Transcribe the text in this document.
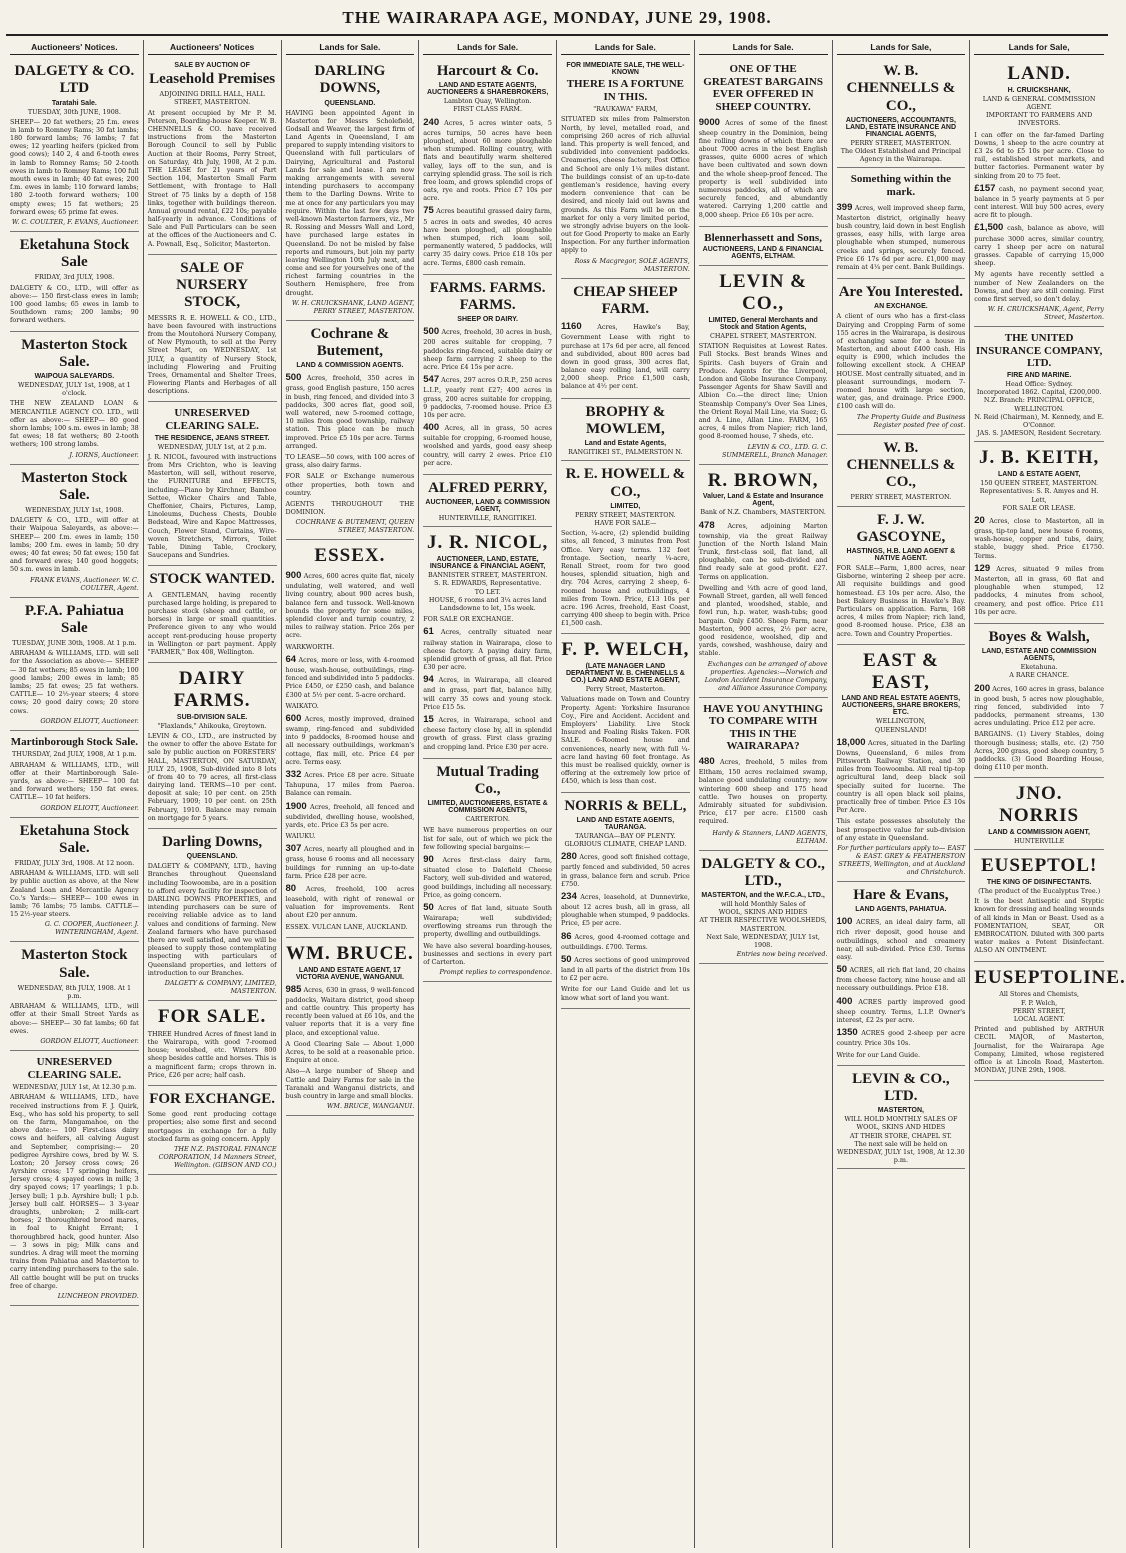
THE WAIRARAPA AGE, MONDAY, JUNE 29, 1908.
Auctioneers' Notices.
DALGETY & CO. LTD
Taratahi Sale.

TUESDAY, 30th JUNE, 1908.

SHEEP— 20 fat wethers; 25 f.m. ewes in lamb to Romney Rams; 30 fat lambs; 180 forward lambs; 76 lambs; 7 fat ewes; 12 yearling heifers (picked from good cows); 140 2, 4 and 6-tooth ewes in lamb to Romney Rams; 50 2-tooth ewes in lamb to Romney Rams; 100 full mouth ewes in lamb; 40 fat ewes; 200 f.m. ewes in lamb; 110 forward lambs; 180 2-tooth forward wethers; 100 empty ewes; 15 fat wethers; 25 forward ewes; 65 prime fat ewes.

W. C. COULTER, F. EVANS, Auctioneer.

Eketahuna Stock Sale

FRIDAY, 3rd JULY, 1908.

DALGETY & CO., LTD., will offer as above:— 150 first-class ewes in lamb; 100 good lambs; 65 ewes in lamb to Southdown rams; 200 lambs; 90 forward wethers.

Masterton Stock Sale.
WAIPOUA SALEYARDS.

WEDNESDAY, JULY 1st, 1908, at 1 o'clock.

THE NEW ZEALAND LOAN & MERCANTILE AGENCY CO. LTD., will offer as above:— SHEEP— 80 good shorn lambs; 100 s.m. ewes in lamb; 38 fat ewes; 18 fat wethers; 80 2-tooth wethers; 100 strong lambs.

J. IORNS, Auctioneer.

Masterton Stock Sale.

WEDNESDAY, JULY 1st, 1908.

DALGETY & CO., LTD., will offer at their Waipoua Saleyards, as above:— SHEEP— 200 f.m. ewes in lamb; 150 lambs; 200 f.m. ewes in lamb; 50 dry ewes; 40 fat ewes; 50 fat ewes; 150 fat and forward ewes; 140 good hoggets; 50 s.m. ewes in lamb.

FRANK EVANS, Auctioneer. W. C. COULTER, Agent.

P.F.A. Pahiatua Sale

TUESDAY, JUNE 30th, 1908. At 1 p.m.

ABRAHAM & WILLIAMS, LTD. will sell for the Association as above:— SHEEP— 30 fat wethers; 85 ewes in lamb; 100 good lambs; 200 ewes in lamb; 85 lambs; 25 fat ewes; 25 fat wethers. CATTLE— 10 2½-year steers; 4 store cows; 20 good dairy cows; 20 store cows.

GORDON ELIOTT, Auctioneer.

Martinborough Stock Sale.

THURSDAY, 2nd JULY, 1908, At 1 p.m.

ABRAHAM & WILLIAMS, LTD., will offer at their Martinborough Sale-yards, as above:— SHEEP— 100 fat and forward wethers; 150 fat ewes. CATTLE— 10 fat heifers.

GORDON ELIOTT, Auctioneer.

Eketahuna Stock Sale.

FRIDAY, JULY 3rd, 1908. At 12 noon.

ABRAHAM & WILLIAMS, LTD. will sell by public auction as above, at the New Zealand Loan and Mercantile Agency Co.'s Yards:— SHEEP— 100 ewes in lamb; 76 lambs; 75 lambs. CATTLE— 15 2½-year steers.

G. C. COOPER, Auctioneer. J. WINTERINGHAM, Agent.

Masterton Stock Sale.

WEDNESDAY, 8th JULY, 1908. At 1 p.m.

ABRAHAM & WILLIAMS, LTD., will offer at their Small Street Yards as above:— SHEEP— 30 fat lambs; 60 fat ewes.

GORDON ELIOTT, Auctioneer.

UNRESERVED CLEARING SALE.

WEDNESDAY, JULY 1st, At 12.30 p.m.

ABRAHAM & WILLIAMS, LTD., have received instructions from F. J. Quirk, Esq., who has sold his property, to sell on the farm, Mangamahoe, on the above date:— 100 First-class dairy cows and heifers, all calving August and September, comprising:— 20 pedigree Ayrshire cows, bred by W. S. Loxton; 20 Jersey cross cows; 26 Ayrshire cross; 17 springing heifers, Jersey cross; 4 spayed cows in milk; 3 dry spayed cows; 17 yearlings; 1 p.b. Jersey bull; 1 p.b. Ayrshire bull; 1 p.b. Jersey bull calf. HORSES— 3 3-year draughts, unbroken; 2 milk-cart horses; 2 thoroughbred brood mares, in foal to Knight Errant; 1 thoroughbred hack, good hunter. Also— 3 sows in pig; Milk cans and sundries. A drag will meet the morning trains from Pahiatua and Masterton to carry intending purchasers to the sale. All cattle bought will be put on trucks free of charge.

LUNCHEON PROVIDED.

Auctioneers' Notices
SALE BY AUCTION OF
Leasehold Premises

ADJOINING DRILL HALL, HALL STREET, MASTERTON.

At present occupied by Mr P. M. Peterson, Boarding-house Keeper. W. B. CHENNELLS & CO. have received instructions from the Masterton Borough Council to sell by Public Auction at their Rooms, Perry Street, on Saturday, 4th July, 1908, At 2 p.m. THE LEASE for 21 years of Part Section 104, Masterton Small Farm Settlement, with frontage to Hall Street of 75 links by a depth of 158 links, together with buildings thereon. Annual ground rental, £22 10s; payable half-yearly in advance. Conditions of Sale and Full Particulars can be seen at the offices of the Auctioneers and C. A. Pownall, Esq., Solicitor, Masterton.

SALE OF NURSERY STOCK,

MESSRS R. E. HOWELL & CO., LTD., have been favoured with instructions from the Moutohorá Nursery Company, of New Plymouth, to sell at the Perry Street Mart, on WEDNESDAY, 1st JULY, a quantity of Nursery Stock, including Flowering and Fruiting Trees, Ornamental and Shelter Trees, Flowering Plants and Herbages of all descriptions.

UNRESERVED CLEARING SALE.
THE RESIDENCE, JEANS STREET.

WEDNESDAY, JULY 1st, at 2 p.m.

J. R. NICOL, favoured with instructions from Mrs Crichton, who is leaving Masterton, will sell, without reserve, the FURNITURE and EFFECTS, including—Piano by Kirchner, Bamboo Settee, Wicker Chairs and Table, Cheffonier, Chairs, Pictures, Lamp, Linoleums, Duchess Chests, Double Bedstead, Wire and Kapoc Mattresses, Couch, Flower Stand, Curtains, Wire-woven Stretchers, Mirrors, Toilet Table, Dining Table, Crockery, Saucepans and Sundries.

STOCK WANTED.

A GENTLEMAN, having recently purchased large holding, is prepared to purchase stock (sheep and cattle, or horses) in large or small quantities. Preference given to any who would accept rent-producing house property in Wellington or part payment. Apply "FARMER," Box 408, Wellington.

DAIRY FARMS.
SUB-DIVISION SALE.

"Flaxlands," Ahikouka, Greytown.

LEVIN & CO., LTD., are instructed by the owner to offer the above Estate for sale by public auction on FORESTERS' HALL, MASTERTON, ON SATURDAY, JULY 25, 1908, Sub-divided into 8 lots of from 40 to 79 acres, all first-class dairying land. TERMS—10 per cent. deposit at sale; 10 per cent. on 25th February, 1909; 10 per cent. on 25th February, 1910. Balance may remain on mortgage for 5 years.

Darling Downs,
QUEENSLAND.

DALGETY & COMPANY, LTD., having Branches throughout Queensland including Toowoomba, are in a position to afford every facility for inspection of DARLING DOWNS PROPERTIES, and intending purchasers can be sure of receiving reliable advice as to land values and conditions of farming. New Zealand farmers who have purchased there are well satisfied, and we will be pleased to supply those contemplating inspecting with particulars of Queensland properties, and letters of introduction to our Branches.

DALGETY & COMPANY, LIMITED, MASTERTON.

FOR SALE.

THREE Hundred Acres of finest land in the Wairarapa, with good 7-roomed house; woolshed, etc. Winters 800 sheep besides cattle and horses. This is a magnificent farm; crops thrown in. Price, £26 per acre; half cash.

FOR EXCHANGE.

Some good rent producing cottage properties; also some first and second mortgages in exchange for a fully stocked farm as going concern. Apply

THE N.Z. PASTORAL FINANCE CORPORATION, 14 Manners Street, Wellington. (GIBSON AND CO.)

Lands for Sale.
DARLING DOWNS,
QUEENSLAND.

HAVING been appointed Agent in Masterton for Messrs Scholefield, Godsall and Weaver, the largest firm of Land Agents in Queensland, I am prepared to supply intending visitors to Queensland with full particulars of Dairying, Agricultural and Pastoral Lands for sale and lease. I am now making arrangements with several intending purchasers to accompany them to the Darling Downs. Write to me at once for any particulars you may require. Within the last few days two well-known Masterton farmers, viz., Mr R. Rossing and Messrs Wall and Lord, have purchased large estates in Queensland. Do not be misled by false reports and rumours, but join my party leaving Wellington 10th July next, and come and see for yourselves one of the richest farming countries in the Southern Hemisphere, free from drought.

W. H. CRUICKSHANK, LAND AGENT, PERRY STREET, MASTERTON.

Cochrane & Butement,
LAND & COMMISSION AGENTS.

500 Acres, freehold, 350 acres in grass, good English pasture, 150 acres in bush, ring fenced, and divided into 3 paddocks, 300 acres flat, good soil, well watered, new 5-roomed cottage, 10 miles from good township, railway station. This place can be much improved. Price £5 10s per acre. Terms arranged.

TO LEASE—50 cows, with 100 acres of grass, also dairy farms.

FOR SALE or Exchange numerous other properties, both town and country.

AGENTS THROUGHOUT THE DOMINION.

COCHRANE & BUTEMENT, QUEEN STREET, MASTERTON.

ESSEX.

900 Acres, 600 acres quite flat, nicely undulating, well watered, and well living country, about 900 acres bush, balance fern and tussock. Well-known bounds the property for some miles, splendid clover and turnip country, 2 miles to railway station. Price 26s per acre.

WARKWORTH.

64 Acres, more or less, with 4-roomed house, wash-house, outbuildings, ring-fenced and subdivided into 5 paddocks. Price £450, or £250 cash, and balance £300 at 5½ per cent. 5-acre orchard.

WAIKATO.

600 Acres, mostly improved, drained swamp, ring-fenced and subdivided into 9 paddocks, 8-roomed house and all necessary outbuildings, workman's cottage, flax mill, etc. Price £4 per acre. Terms easy.

332 Acres. Price £8 per acre. Situate Tahupuna, 17 miles from Paeroa. Balance can remain.

1900 Acres, freehold, all fenced and subdivided, dwelling house, woolshed, yards, etc. Price £3 5s per acre.

WAIUKU.

307 Acres, nearly all ploughed and in grass, house 6 rooms and all necessary buildings for running an up-to-date farm. Price £28 per acre.

80 Acres, freehold, 100 acres leasehold, with right of renewal or valuation for improvements. Rent about £20 per annum.

ESSEX. VULCAN LANE, AUCKLAND.

WM. BRUCE.
LAND AND ESTATE AGENT, 17 VICTORIA AVENUE, WANGANUI.

985 Acres, 630 in grass, 9 well-fenced paddocks, Waitara district, good sheep and cattle country. This property has recently been valued at £6 10s, and the valuer reports that it is a very fine place, and exceptional value.

A Good Clearing Sale — About 1,000 Acres, to be sold at a reasonable price. Enquire at once.

Also—A large number of Sheep and Cattle and Dairy Farms for sale in the Taranaki and Wanganui districts, and bush country in large and small blocks.

WM. BRUCE, WANGANUI.

Lands for Sale.
Harcourt & Co.
LAND AND ESTATE AGENTS, AUCTIONEERS & SHAREBROKERS,

Lambton Quay, Wellington.

FIRST CLASS FARM.

240 Acres, 5 acres winter oats, 5 acres turnips, 50 acres have been ploughed, about 60 more ploughable when stumped. Rolling country, with flats and beautifully warm sheltered valley, lays off to the sun, and is carrying splendid grass. The soil is rich free loam, and grows splendid crops of oats, rye and roots. Price £7 10s per acre.

75 Acres beautiful grassed dairy farm, 5 acres in oats and swedes, 40 acres have been ploughed, all ploughable when stumped, rich loam soil, permanently watered, 5 paddocks, will carry 35 dairy cows. Price £18 10s per acre. Terms, £800 cash remain.

FARMS. FARMS. FARMS.
SHEEP OR DAIRY.

500 Acres, freehold, 30 acres in bush, 200 acres suitable for cropping, 7 paddocks ring-fenced, suitable dairy or sheep farm carrying 2 sheep to the acre. Price £4 15s per acre.

547 Acres, 297 acres O.R.P., 250 acres L.I.P., yearly rent £27; 400 acres in grass, 200 acres suitable for cropping, 9 paddocks, 7-roomed house. Price £3 10s per acre.

400 Acres, all in grass, 50 acres suitable for cropping, 6-roomed house, woolshed and yards, good easy sheep country, will carry 2 ewes. Price £10 per acre.

ALFRED PERRY,
AUCTIONEER, LAND & COMMISSION AGENT,

HUNTERVILLE, RANGITIKEI.

J. R. NICOL,
AUCTIONEER, LAND, ESTATE, INSURANCE & FINANCIAL AGENT,

BANNISTER STREET, MASTERTON.

S. R. EDWARDS, Representative.

TO LET.

HOUSE, 6 rooms and 3¼ acres land Landsdowne to let, 15s week.

FOR SALE OR EXCHANGE.

61 Acres, centrally situated near railway station in Wairarapa, close to cheese factory. A paying dairy farm, splendid growth of grass, all flat. Price £30 per acre.

94 Acres, in Wairarapa, all cleared and in grass, part flat, balance hilly, will carry 35 cows and young stock. Price £15 5s.

15 Acres, in Wairarapa, school and cheese factory close by, all in splendid growth of grass. First class grazing and cropping land. Price £30 per acre.

Mutual Trading Co.,
LIMITED, AUCTIONEERS, ESTATE & COMMISSION AGENTS,

CARTERTON.

WE have numerous properties on our list for sale, out of which we pick the few following special bargains:—

90 Acres first-class dairy farm, situated close to Dalefield Cheese Factory, well sub-divided and watered, good buildings, including all necessary. Price, as going concern.

50 Acres of flat land, situate South Wairarapa; well subdivided; overflowing streams run through the property, dwelling and outbuildings.

We have also several boarding-houses, businesses and sections in every part of Carterton.

Prompt replies to correspondence.

Lands for Sale.
FOR IMMEDIATE SALE, THE WELL-KNOWN
THERE IS A FORTUNE IN THIS.

"RAUKAWA" FARM,

SITUATED six miles from Palmerston North, by level, metalled road, and comprising 260 acres of rich alluvial land. This property is well fenced, and subdivided into convenient paddocks. Creameries, cheese factory, Post Office and School are only 1¼ miles distant. The buildings consist of an up-to-date gentleman's residence, having every modern convenience that can be desired, and nicely laid out lawns and grounds. As this Farm will be on the market for only a very limited period, we strongly advise buyers on the look-out for Good Property to make an Early Inspection. For any further information apply to

Ross & Macgregor, SOLE AGENTS, MASTERTON.

CHEAP SHEEP FARM.

1160 Acres, Hawke's Bay, Government Lease with right to purchase at 17s 6d per acre, all fenced and subdivided, about 800 acres bad down in good grass, 300 acres flat, balance easy rolling land, will carry 2,000 sheep. Price £1,500 cash, balance at 4½ per cent.

BROPHY & MOWLEM,
Land and Estate Agents,

RANGITIKEI ST., PALMERSTON N.

R. E. HOWELL & CO.,
LIMITED,

PERRY STREET, MASTERTON.

HAVE FOR SALE—

Section, ¼-acre, (2) splendid building sites, all fenced, 3 minutes from Post Office. Very easy terms. 132 feet frontage. Section, nearly ¼-acre, Renall Street, room for two good houses, splendid situation, high and dry. 704 Acres, carrying 2 sheep, 6-roomed house and outbuildings, 4 miles from Town. Price, £13 10s per acre. 196 Acres, freehold, East Coast, carrying 400 sheep to begin with. Price £1,500 cash.

F. P. WELCH,
(LATE MANAGER LAND DEPARTMENT W. B. CHENNELLS & CO.) LAND AND ESTATE AGENT,

Perry Street, Masterton.

Valuations made on Town and Country Property. Agent: Yorkshire Insurance Coy., Fire and Accident. Accident and Employers' Liability. Live Stock Insured and Foaling Risks Taken. FOR SALE. 6-Roomed house and conveniences, nearly new, with full ¼-acre land having 60 feet frontage. As this must be realised quickly, owner is offering at the extremely low price of £450, which is less than cost.

NORRIS & BELL,
LAND AND ESTATE AGENTS, TAURANGA.

TAURANGA—BAY OF PLENTY.

GLORIOUS CLIMATE, CHEAP LAND.

280 Acres, good soft finished cottage, partly fenced and subdivided, 50 acres in grass, balance fern and scrub. Price £750.

234 Acres, leasehold, at Dunnevirke, about 12 acres bush, all in grass, all ploughable when stumped, 9 paddocks. Price, £5 per acre.

86 Acres, good 4-roomed cottage and outbuildings. £700. Terms.

50 Acres sections of good unimproved land in all parts of the district from 10s to £2 per acre.

Write for our Land Guide and let us know what sort of land you want.

Lands for Sale.
ONE OF THE GREATEST BARGAINS EVER OFFERED IN SHEEP COUNTRY.

9000 Acres of some of the finest sheep country in the Dominion, being fine rolling downs of which there are about 7000 acres in the best English grasses, quite 6000 acres of which have been cultivated and sown down and the whole sheep-proof fenced. The property is well subdivided into numerous paddocks, all of which are securely fenced, and abundantly watered. Carrying 1,200 cattle and 8,000 sheep. Price £6 10s per acre.

Blennerhassett and Sons,
AUCTIONEERS, LAND & FINANCIAL AGENTS, ELTHAM.
LEVIN & CO.,
LIMITED, General Merchants and Stock and Station Agents,

CHAPEL STREET, MASTERTON.

STATION Requisites at Lowest Rates. Full Stocks. Best brands Wines and Spirits. Cash buyers of Grain and Produce. Agents for the Liverpool, London and Globe Insurance Company. Passenger Agents for Shaw Savill and Albion Co.—the direct line; Union Steamship Company's Over Sea Lines, the Orient Royal Mail Line, via Suez; G. and A. Line, Allan Line. FARM, 165 acres, 4 miles from Napier; rich land, good 8-roomed house, 7 sheds, etc.

LEVIN & CO., LTD. G. C. SUMMERELL, Branch Manager.

R. BROWN,
Valuer, Land & Estate and Insurance Agent,

Bank of N.Z. Chambers, MASTERTON.

478 Acres, adjoining Marton township, via the great Railway Junction of the North Island Main Trunk, first-class soil, flat land, all ploughable, can be sub-divided and find ready sale at good profit. £27. Terms on application.

Dwelling and ¼th acre of good land, Fownall Street, garden, all well fenced and planted, woodshed, stable, and fowl run, h.p. water, wash-tubs; good bargain. Only £450. Sheep Farm, near Masterton, 900 acres, 2½ per acre, good residence, woolshed, dip and yards, cowshed, washhouse, dairy and stable.

Exchanges can be arranged of above properties. Agencies:—Norwich and London Accident Insurance Company, and Alliance Assurance Company.

HAVE YOU ANYTHING TO COMPARE WITH THIS IN THE WAIRARAPA?

480 Acres, freehold, 5 miles from Eltham, 150 acres reclaimed swamp, balance good undulating country; now wintering 600 sheep and 175 head cattle. Two houses on property. Admirably situated for subdivision. Price, £17 per acre. £1500 cash required.

Hardy & Stanners, LAND AGENTS, ELTHAM.

DALGETY & CO., LTD.,
MASTERTON, and the W.F.C.A., LTD.,

will hold Monthly Sales of

WOOL, SKINS AND HIDES

AT THEIR RESPECTIVE WOOLSHEDS, MASTERTON.

Next Sale, WEDNESDAY, JULY 1st, 1908.

Entries now being received.

Lands for Sale,
W. B. CHENNELLS & CO.,
AUCTIONEERS, ACCOUNTANTS, LAND, ESTATE INSURANCE AND FINANCIAL AGENTS,

PERRY STREET, MASTERTON.

The Oldest Established and Principal Agency in the Wairarapa.

Something within the mark.

399 Acres, well improved sheep farm, Masterton district, originally heavy bush country, laid down in best English grasses, easy hills, with large area ploughable when stumped, numerous creeks and springs, securely fenced. Price £6 17s 6d per acre. £1,000 may remain at 4¼ per cent. Bank Buildings.

Are You Interested.
AN EXCHANGE.

A client of ours who has a first-class Dairying and Cropping Farm of some 155 acres in the Wairarapa, is desirous of exchanging same for a house in Masterton, and about £400 cash. His equity is £900, which includes the following excellent stock. A CHEAP HOUSE. Most centrally situated, and in pleasant surroundings, modern 7-roomed house with large section, water, gas, and drainage. Price £900. £100 cash will do.

The Property Guide and Business Register posted free of cost.

W. B. CHENNELLS & CO.,

PERRY STREET, MASTERTON.

F. J. W. GASCOYNE,
HASTINGS, H.B. LAND AGENT & NATIVE AGENT.

FOR SALE—Farm, 1,800 acres, near Gisborne, wintering 2 sheep per acre. All requisite buildings and good homestead. £3 10s per acre. Also, the best Bakery Business in Hawke's Bay. Particulars on application. Farm, 168 acres, 4 miles from Napier; rich land, good 8-roomed house. Price, £38 an acre. Town and Country Properties.

EAST & EAST,
LAND AND REAL ESTATE AGENTS, AUCTIONEERS, SHARE BROKERS, ETC.

WELLINGTON,

QUEENSLAND!

18,000 Acres, situated in the Darling Downs, Queensland, 6 miles from Pittsworth Railway Station, and 30 miles from Toowoomba. All real tip-top agricultural land, deep black soil specially suited for lucerne. The country is all open black soil plains, practically free of timber. Price £3 10s Per Acre.

This estate possesses absolutely the best prospective value for sub-division of any estate in Queensland.

For further particulars apply to— EAST & EAST. GREY & FEATHERSTON STREETS, Wellington, and at Auckland and Christchurch.

Hare & Evans,
LAND AGENTS, PAHIATUA.

100 ACRES, an ideal dairy farm, all rich river deposit, good house and outbuildings, school and creamery near, all sub-divided. Price £30. Terms easy.

50 ACRES, all rich flat land, 20 chains from cheese factory, nine house and all necessary outbuildings. Price £18.

400 ACRES partly improved good sheep country. Terms, L.I.P. Owner's interest, £2 2s per acre.

1350 ACRES good 2-sheep per acre country. Price 30s 10s.

Write for our Land Guide.

LEVIN & CO., LTD.
MASTERTON,

WILL HOLD MONTHLY SALES OF

WOOL, SKINS AND HIDES

AT THEIR STORE, CHAPEL ST.

The next sale will be held on WEDNESDAY, JULY 1st, 1908, At 12.30 p.m.

Lands for Sale,
LAND.
H. CRUICKSHANK,

LAND & GENERAL COMMISSION AGENT.

IMPORTANT TO FARMERS AND INVESTORS.

I can offer on the far-famed Darling Downs, 1 sheep to the acre country at £3 2s 6d to £5 10s per acre. Close to rail, established street markets, and butter factories. Permanent water by sinking from 20 to 75 feet.

£157 cash, no payment second year, balance in 5 yearly payments at 5 per cent interest. Will buy 500 acres, every acre fit to plough.

£1,500 cash, balance as above, will purchase 3000 acres, similar country, carry 1 sheep per acre on natural grasses. Capable of carrying 15,000 sheep.

My agents have recently settled a number of New Zealanders on the Downs, and they are still coming. First come first served, so don't delay.

W. H. CRUICKSHANK, Agent, Perry Street, Masterton.

THE UNITED INSURANCE COMPANY, LTD.
FIRE AND MARINE.

Head Office: Sydney.

Incorporated 1862. Capital, £200,000.

N.Z. Branch: PRINCIPAL OFFICE, WELLINGTON.

N. Reid (Chairman), M. Kennedy, and E. O'Connor.

JAS. S. JAMESON, Resident Secretary.

J. B. KEITH,
LAND & ESTATE AGENT,

150 QUEEN STREET, MASTERTON.

Representatives: S. R. Amyes and H. Lett,

FOR SALE OR LEASE.

20 Acres, close to Masterton, all in grass, tip-top land, new house 6 rooms, wash-house, copper and tubs, dairy, stable, buggy shed. Price £1750. Terms.

129 Acres, situated 9 miles from Masterton, all in grass, 60 flat and ploughable when stumped, 12 paddocks, 4 minutes from school, creamery, and post office. Price £11 10s per acre.

Boyes & Walsh,
LAND, ESTATE AND COMMISSION AGENTS,

Eketahuna.

A RARE CHANCE.

200 Acres, 160 acres in grass, balance in good bush, 5 acres now ploughable, ring fenced, subdivided into 7 paddocks, permanent streams, 130 acres undulating. Price £12 per acre.

BARGAINS. (1) Livery Stables, doing thorough business; stalls, etc. (2) 750 Acres, 200 grass, good sheep country, 5 paddocks. (3) Good Boarding House, doing £110 per month.

JNO. NORRIS
LAND & COMMISSION AGENT,

HUNTERVILLE

EUSEPTOL!
THE KING OF DISINFECTANTS.

(The product of the Eucalyptus Tree.)

It is the best Antiseptic and Styptic known for dressing and healing wounds of all kinds in Man or Beast. Used as a FOMENTATION, SEAT, OR EMBROCATION. Diluted with 300 parts water makes a Potent Disinfectant. ALSO AN OINTMENT.

EUSEPTOLINE.

All Stores and Chemists,

F. P. Welch,

PERRY STREET,

LOCAL AGENT.

Printed and published by ARTHUR CECIL MAJOR, of Masterton, Journalist, for the Wairarapa Age Company, Limited, whose registered office is at Lincoln Road, Masterton. MONDAY, JUNE 29th, 1908.
